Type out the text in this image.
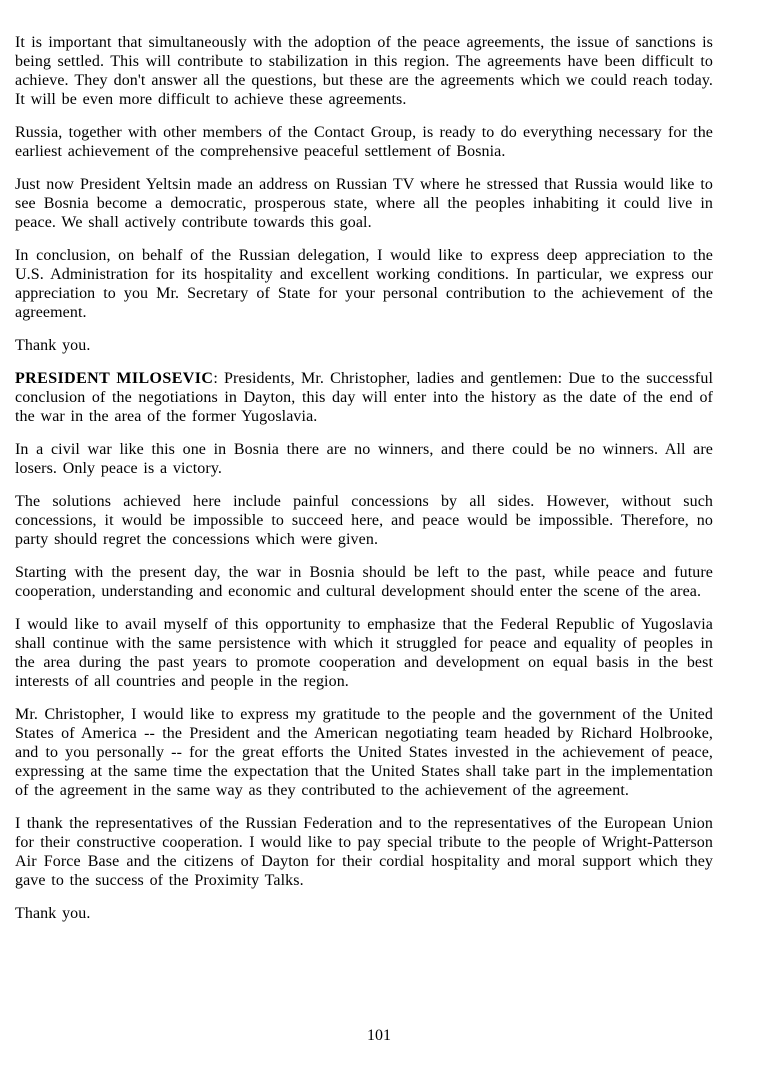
It is important that simultaneously with the adoption of the peace agreements, the issue of sanctions is being settled. This will contribute to stabilization in this region. The agreements have been difficult to achieve. They don't answer all the questions, but these are the agreements which we could reach today. It will be even more difficult to achieve these agreements.

Russia, together with other members of the Contact Group, is ready to do everything necessary for the earliest achievement of the comprehensive peaceful settlement of Bosnia.

Just now President Yeltsin made an address on Russian TV where he stressed that Russia would like to see Bosnia become a democratic, prosperous state, where all the peoples inhabiting it could live in peace. We shall actively contribute towards this goal.

In conclusion, on behalf of the Russian delegation, I would like to express deep appreciation to the U.S. Administration for its hospitality and excellent working conditions. In particular, we express our appreciation to you Mr. Secretary of State for your personal contribution to the achievement of the agreement.

Thank you.

PRESIDENT MILOSEVIC: Presidents, Mr. Christopher, ladies and gentlemen: Due to the successful conclusion of the negotiations in Dayton, this day will enter into the history as the date of the end of the war in the area of the former Yugoslavia.

In a civil war like this one in Bosnia there are no winners, and there could be no winners. All are losers. Only peace is a victory.

The solutions achieved here include painful concessions by all sides. However, without such concessions, it would be impossible to succeed here, and peace would be impossible. Therefore, no party should regret the concessions which were given.

Starting with the present day, the war in Bosnia should be left to the past, while peace and future cooperation, understanding and economic and cultural development should enter the scene of the area.

I would like to avail myself of this opportunity to emphasize that the Federal Republic of Yugoslavia shall continue with the same persistence with which it struggled for peace and equality of peoples in the area during the past years to promote cooperation and development on equal basis in the best interests of all countries and people in the region.

Mr. Christopher, I would like to express my gratitude to the people and the government of the United States of America -- the President and the American negotiating team headed by Richard Holbrooke, and to you personally -- for the great efforts the United States invested in the achievement of peace, expressing at the same time the expectation that the United States shall take part in the implementation of the agreement in the same way as they contributed to the achievement of the agreement.

I thank the representatives of the Russian Federation and to the representatives of the European Union for their constructive cooperation. I would like to pay special tribute to the people of Wright-Patterson Air Force Base and the citizens of Dayton for their cordial hospitality and moral support which they gave to the success of the Proximity Talks.

Thank you.

101
